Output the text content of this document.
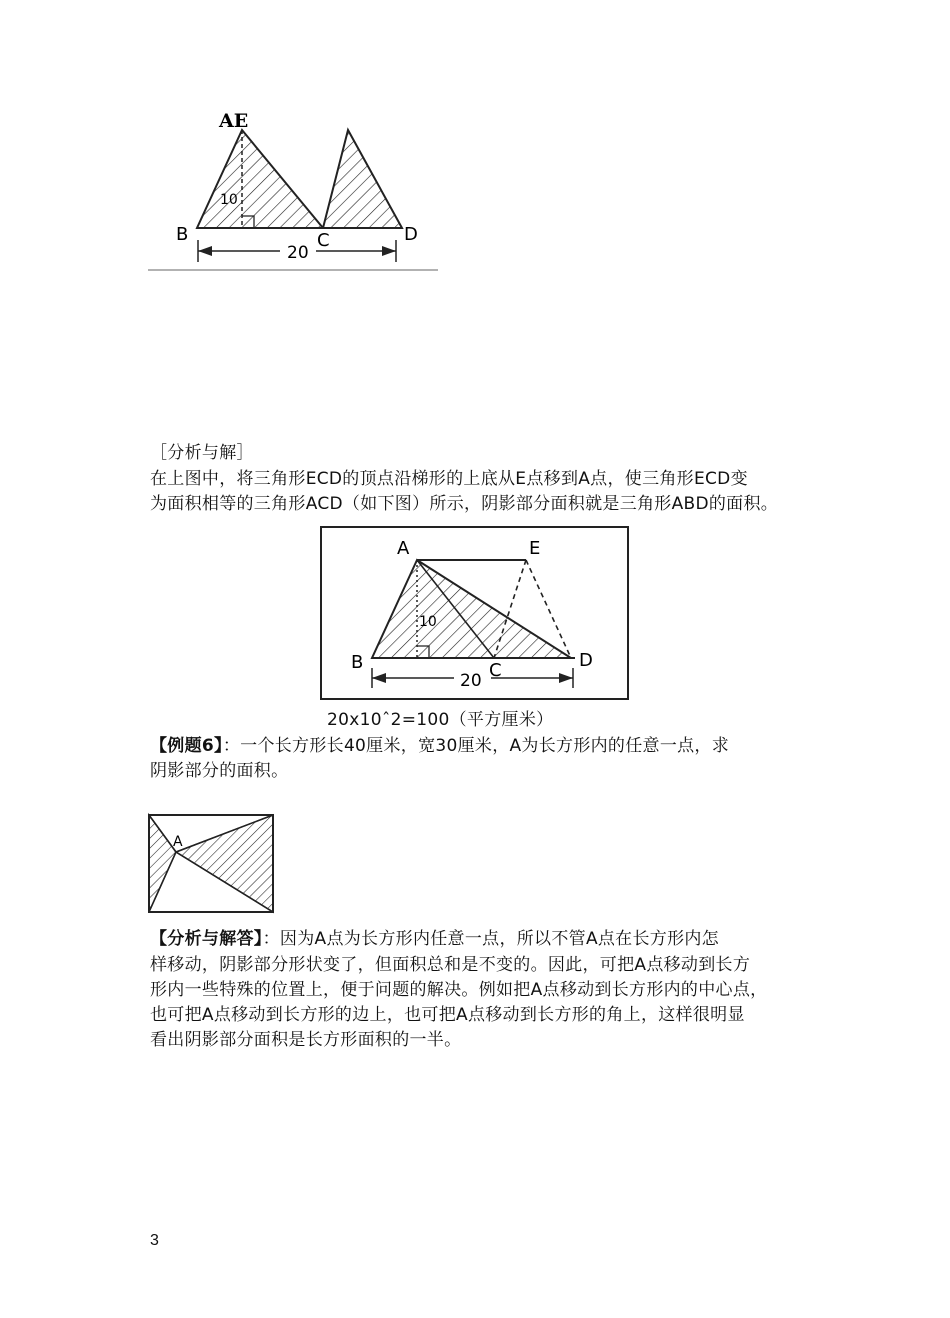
AE
B	C	D
10
20
［分析与解］
在上图中，将三角形ECD的顶点沿梯形的上底从E点移到A点，使三角形ECD变
为面积相等的三角形ACD（如下图）所示，阴影部分面积就是三角形ABD的面积。
A	E
B	C	D
10
20
20x10ˆ2=100（平方厘米）
【例题6】：一个长方形长40厘米，宽30厘米，A为长方形内的任意一点，求
阴影部分的面积。
A
【分析与解答】：因为A点为长方形内任意一点，所以不管A点在长方形内怎
样移动，阴影部分形状变了，但面积总和是不变的。因此，可把A点移动到长方
形内一些特殊的位置上，便于问题的解决。例如把A点移动到长方形内的中心点，
也可把A点移动到长方形的边上，也可把A点移动到长方形的角上，这样很明显
看出阴影部分面积是长方形面积的一半。
3
